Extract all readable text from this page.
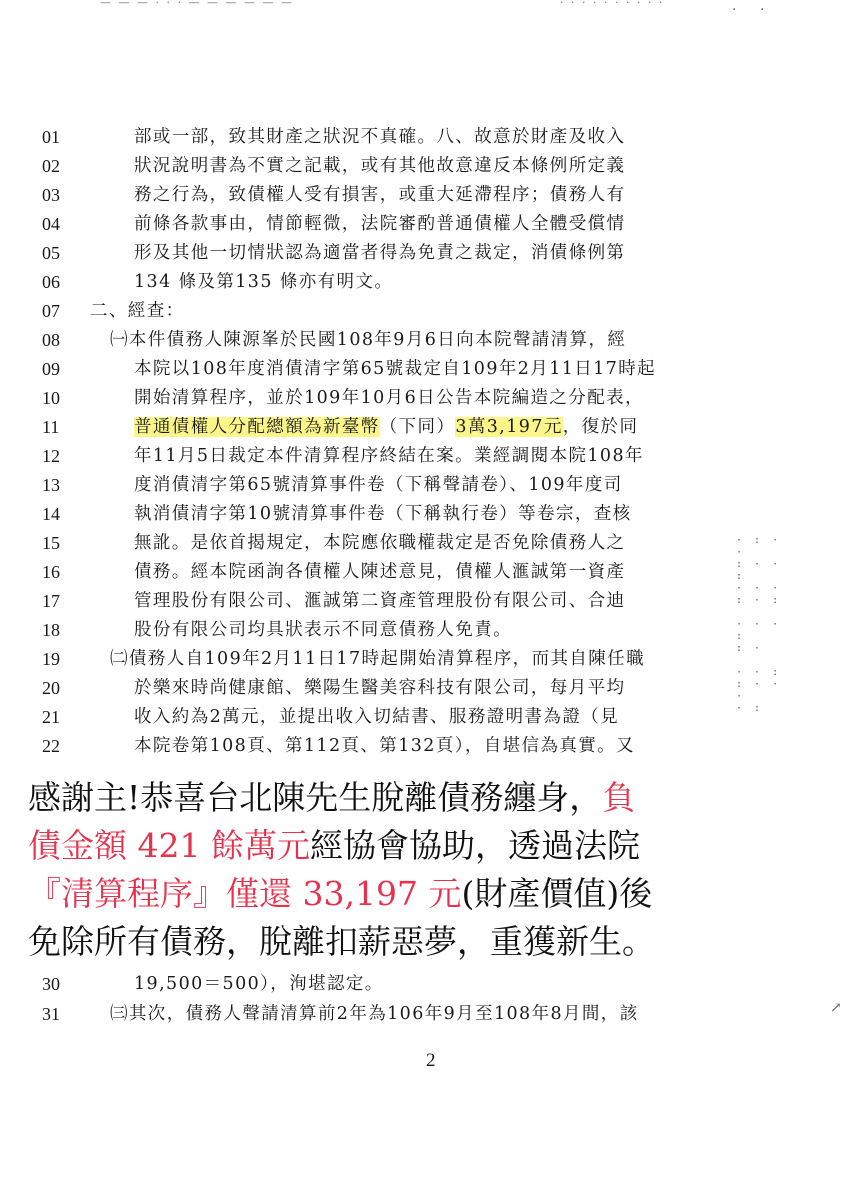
— — — · · · — — — — — —	· · · · · · · · · ·	· ·
↗
01	部或一部，致其財產之狀況不真確。八、故意於財產及收入
02	狀況說明書為不實之記載，或有其他故意違反本條例所定義
03	務之行為，致債權人受有損害，或重大延滯程序；債務人有
04	前條各款事由，情節輕微，法院審酌普通債權人全體受償情
05	形及其他一切情狀認為適當者得為免責之裁定，消債條例第
06	134 條及第135 條亦有明文。
07	二、經查：
08	㈠本件債務人陳源峯於民國108年9月6日向本院聲請清算，經
09	本院以108年度消債清字第65號裁定自109年2月11日17時起
10	開始清算程序，並於109年10月6日公告本院編造之分配表，
11	普通債權人分配總額為新臺幣（下同）3萬3,197元，復於同
12	年11月5日裁定本件清算程序終結在案。業經調閱本院108年
13	度消債清字第65號清算事件卷（下稱聲請卷）、109年度司
14	執消債清字第10號清算事件卷（下稱執行卷）等卷宗，查核
15	無訛。是依首揭規定，本院應依職權裁定是否免除債務人之
16	債務。經本院函詢各債權人陳述意見，債權人滙誠第一資產
17	管理股份有限公司、滙誠第二資產管理股份有限公司、合迪
18	股份有限公司均具狀表示不同意債務人免責。
19	㈡債務人自109年2月11日17時起開始清算程序，而其自陳任職
20	於樂來時尚健康館、樂陽生醫美容科技有限公司，每月平均
21	收入約為2萬元，並提出收入切結書、服務證明書為證（見
22	本院卷第108頁、第112頁、第132頁），自堪信為真實。又
· : · ·
: · · :
· · ·
: · :

· · · :
: ·

· · :
: · · ·
· :
感謝主!恭喜台北陳先生脫離債務纏身，負
債金額 421 餘萬元經協會協助，透過法院
『清算程序』僅還 33,197 元(財產價值)後
免除所有債務，脫離扣薪惡夢，重獲新生。
30	19,500＝500），洵堪認定。
31	㈢其次，債務人聲請清算前2年為106年9月至108年8月間，該
2
